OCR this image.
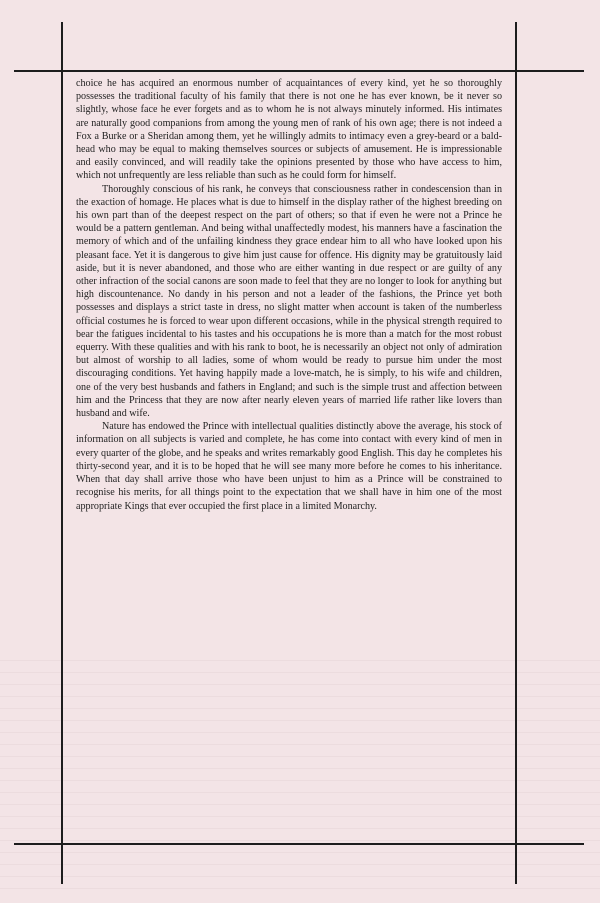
choice he has acquired an enormous number of acquaintances of every kind, yet he so thoroughly possesses the traditional faculty of his family that there is not one he has ever known, be it never so slightly, whose face he ever forgets and as to whom he is not always minutely informed. His intimates are naturally good companions from among the young men of rank of his own age; there is not indeed a Fox a Burke or a Sheridan among them, yet he willingly admits to intimacy even a grey-beard or a bald-head who may be equal to making themselves sources or subjects of amusement. He is impressionable and easily convinced, and will readily take the opinions presented by those who have access to him, which not unfrequently are less reliable than such as he could form for himself.

Thoroughly conscious of his rank, he conveys that consciousness rather in condescension than in the exaction of homage. He places what is due to himself in the display rather of the highest breeding on his own part than of the deepest respect on the part of others; so that if even he were not a Prince he would be a pattern gentleman. And being withal unaffectedly modest, his manners have a fascination the memory of which and of the unfailing kindness they grace endear him to all who have looked upon his pleasant face. Yet it is dangerous to give him just cause for offence. His dignity may be gratuitously laid aside, but it is never abandoned, and those who are either wanting in due respect or are guilty of any other infraction of the social canons are soon made to feel that they are no longer to look for anything but high discountenance. No dandy in his person and not a leader of the fashions, the Prince yet both possesses and displays a strict taste in dress, no slight matter when account is taken of the numberless official costumes he is forced to wear upon different occasions, while in the physical strength required to bear the fatigues incidental to his tastes and his occupations he is more than a match for the most robust equerry. With these qualities and with his rank to boot, he is necessarily an object not only of admiration but almost of worship to all ladies, some of whom would be ready to pursue him under the most discouraging conditions. Yet having happily made a love-match, he is simply, to his wife and children, one of the very best husbands and fathers in England; and such is the simple trust and affection between him and the Princess that they are now after nearly eleven years of married life rather like lovers than husband and wife.

Nature has endowed the Prince with intellectual qualities distinctly above the average, his stock of information on all subjects is varied and complete, he has come into contact with every kind of men in every quarter of the globe, and he speaks and writes remarkably good English. This day he completes his thirty-second year, and it is to be hoped that he will see many more before he comes to his inheritance. When that day shall arrive those who have been unjust to him as a Prince will be constrained to recognise his merits, for all things point to the expectation that we shall have in him one of the most appropriate Kings that ever occupied the first place in a limited Monarchy.
